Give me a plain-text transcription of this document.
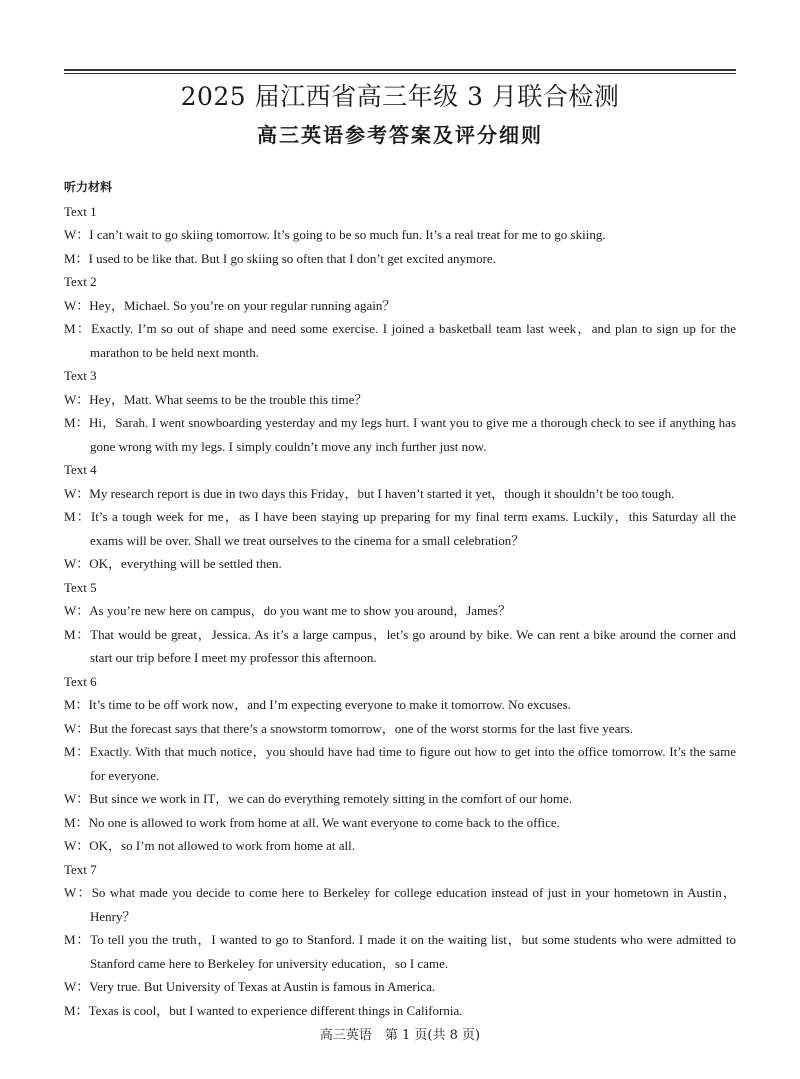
2025 届江西省高三年级 3 月联合检测
高三英语参考答案及评分细则
听力材料
Text 1
W：I can’t wait to go skiing tomorrow. It’s going to be so much fun. It’s a real treat for me to go skiing.
M：I used to be like that. But I go skiing so often that I don’t get excited anymore.
Text 2
W：Hey，Michael. So you’re on your regular running again？
M：Exactly. I’m so out of shape and need some exercise. I joined a basketball team last week，and plan to sign up for the marathon to be held next month.
Text 3
W：Hey，Matt. What seems to be the trouble this time？
M：Hi，Sarah. I went snowboarding yesterday and my legs hurt. I want you to give me a thorough check to see if anything has gone wrong with my legs. I simply couldn’t move any inch further just now.
Text 4
W：My research report is due in two days this Friday，but I haven’t started it yet，though it shouldn’t be too tough.
M：It’s a tough week for me，as I have been staying up preparing for my final term exams. Luckily，this Saturday all the exams will be over. Shall we treat ourselves to the cinema for a small celebration？
W：OK，everything will be settled then.
Text 5
W：As you’re new here on campus，do you want me to show you around，James？
M：That would be great，Jessica. As it’s a large campus，let’s go around by bike. We can rent a bike around the corner and start our trip before I meet my professor this afternoon.
Text 6
M：It’s time to be off work now，and I’m expecting everyone to make it tomorrow. No excuses.
W：But the forecast says that there’s a snowstorm tomorrow，one of the worst storms for the last five years.
M：Exactly. With that much notice，you should have had time to figure out how to get into the office tomorrow. It’s the same for everyone.
W：But since we work in IT，we can do everything remotely sitting in the comfort of our home.
M：No one is allowed to work from home at all. We want everyone to come back to the office.
W：OK，so I’m not allowed to work from home at all.
Text 7
W：So what made you decide to come here to Berkeley for college education instead of just in your hometown in Austin，Henry？
M：To tell you the truth，I wanted to go to Stanford. I made it on the waiting list，but some students who were admitted to Stanford came here to Berkeley for university education，so I came.
W：Very true. But University of Texas at Austin is famous in America.
M：Texas is cool，but I wanted to experience different things in California.
高三英语　第 1 页(共 8 页)
